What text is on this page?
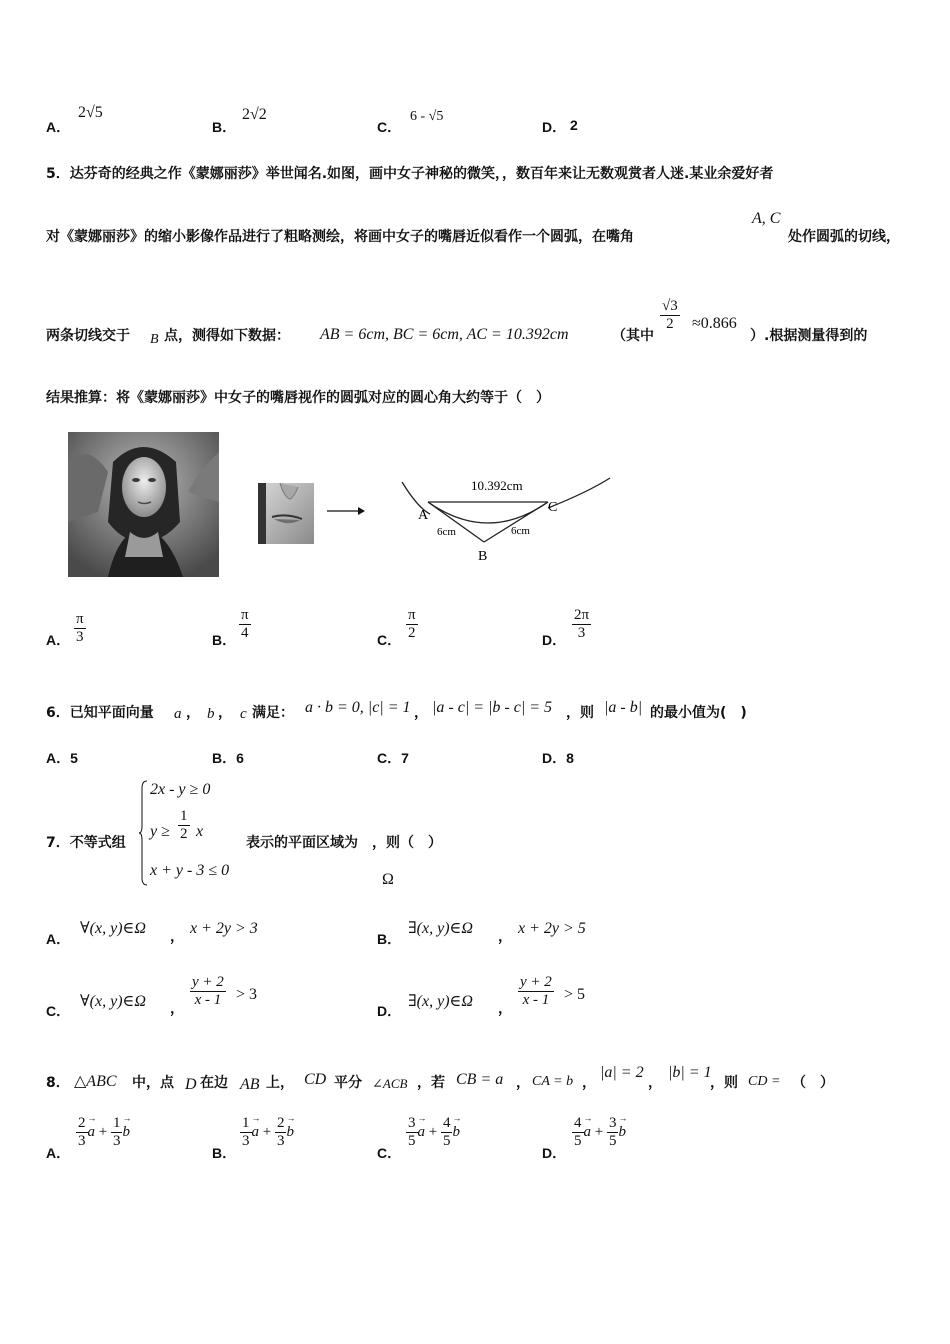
A．
2√5
B．
2√2
C．
6 - √5
D． 2
5．达芬奇的经典之作《蒙娜丽莎》举世闻名.如图，画中女子神秘的微笑，，数百年来让无数观赏者人迷.某业余爱好者
对《蒙娜丽莎》的缩小影像作品进行了粗略测绘，将画中女子的嘴唇近似看作一个圆弧，在嘴角
A, C
处作圆弧的切线，
两条切线交于 B 点，测得如下数据： AB = 6cm, BC = 6cm, AC = 10.392cm	（其中
$\frac{√3}{2} \approx 0.866$
）.根据测量得到的
结果推算：将《蒙娜丽莎》中女子的嘴唇视作的圆弧对应的圆心角大约等于（　）
10.392cm
A
C
B
6cm	6cm
A． $\frac{\pi}{3}$	B． $\frac{\pi}{4}$	C． $\frac{\pi}{2}$	D． $\frac{2\pi}{3}$
6．已知平面向量 a ， b ， c 满足： a · b = 0, |c| = 1 ， |a - c| = |b - c| = 5 ，则 |a - b| 的最小值为(　)
A．5	B．6	C．7	D．8
7．不等式组
2x - y ≥ 0
$y \ge \frac{1}{2}$ x
x + y - 3 ≤ 0
表示的平面区域为　，则（　）
Ω
A．
∀(x, y)∈Ω ， x + 2y > 3
B．
∃(x, y)∈Ω ， x + 2y > 5
C．
∀(x, y)∈Ω ， $\frac{y + 2}{x - 1} > 3$
D．
∃(x, y)∈Ω ， $\frac{y + 2}{x - 1} > 5$
8． △ABC 中，点 D 在边 AB 上， CD 平分 ∠ACB ，若 CB = a ， CA = b ，
|a| = 2
，
|b| = 1
，则 CD = （　）
A．
$\frac{2}{3}$
→ $a + \frac{1}{3}$
→ b
B．
$\frac{1}{3}$
→ $a + \frac{2}{3}$
→ b
C．
$\frac{3}{5}$
→ $a + \frac{4}{5}$
→ b
D．
$\frac{4}{5}$
→ $a + \frac{3}{5}$
→ b
